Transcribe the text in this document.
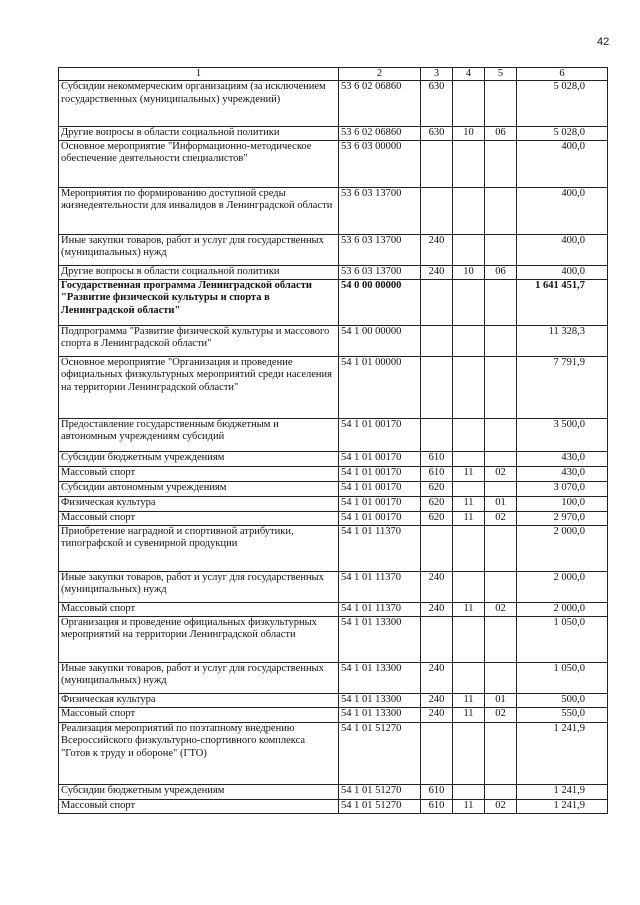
42
1	2	3	4	5	6
Субсидии некоммерческим организациям (за исключением государственных (муниципальных) учреждений)	53 6 02 06860	630			5 028,0
Другие вопросы в области социальной политики	53 6 02 06860	630	10	06	5 028,0
Основное мероприятие "Информационно-методическое обеспечение деятельности специалистов"	53 6 03 00000				400,0
Мероприятия по формированию доступной среды жизнедеятельности для инвалидов в Ленинградской области	53 6 03 13700				400,0
Иные закупки товаров, работ и услуг для государственных (муниципальных) нужд	53 6 03 13700	240			400,0
Другие вопросы в области социальной политики	53 6 03 13700	240	10	06	400,0
Государственная программа Ленинградской области "Развитие физической культуры и спорта в Ленинградской области"	54 0 00 00000				1 641 451,7
Подпрограмма "Развитие физической культуры и массового спорта в Ленинградской области"	54 1 00 00000				11 328,3
Основное мероприятие "Организация и проведение официальных физкультурных мероприятий среди населения на территории Ленинградской области"	54 1 01 00000				7 791,9
Предоставление государственным бюджетным и автономным учреждениям субсидий	54 1 01 00170				3 500,0
Субсидии бюджетным учреждениям	54 1 01 00170	610			430,0
Массовый спорт	54 1 01 00170	610	11	02	430,0
Субсидии автономным учреждениям	54 1 01 00170	620			3 070,0
Физическая культура	54 1 01 00170	620	11	01	100,0
Массовый спорт	54 1 01 00170	620	11	02	2 970,0
Приобретение наградной и спортивной атрибутики, типографской и сувенирной продукции	54 1 01 11370				2 000,0
Иные закупки товаров, работ и услуг для государственных (муниципальных) нужд	54 1 01 11370	240			2 000,0
Массовый спорт	54 1 01 11370	240	11	02	2 000,0
Организация и проведение официальных физкультурных мероприятий на территории Ленинградской области	54 1 01 13300				1 050,0
Иные закупки товаров, работ и услуг для государственных (муниципальных) нужд	54 1 01 13300	240			1 050,0
Физическая культура	54 1 01 13300	240	11	01	500,0
Массовый спорт	54 1 01 13300	240	11	02	550,0
Реализация мероприятий по поэтапному внедрению Всероссийского физкультурно-спортивного комплекса "Готов к труду и обороне" (ГТО)	54 1 01 51270				1 241,9
Субсидии бюджетным учреждениям	54 1 01 51270	610			1 241,9
Массовый спорт	54 1 01 51270	610	11	02	1 241,9
